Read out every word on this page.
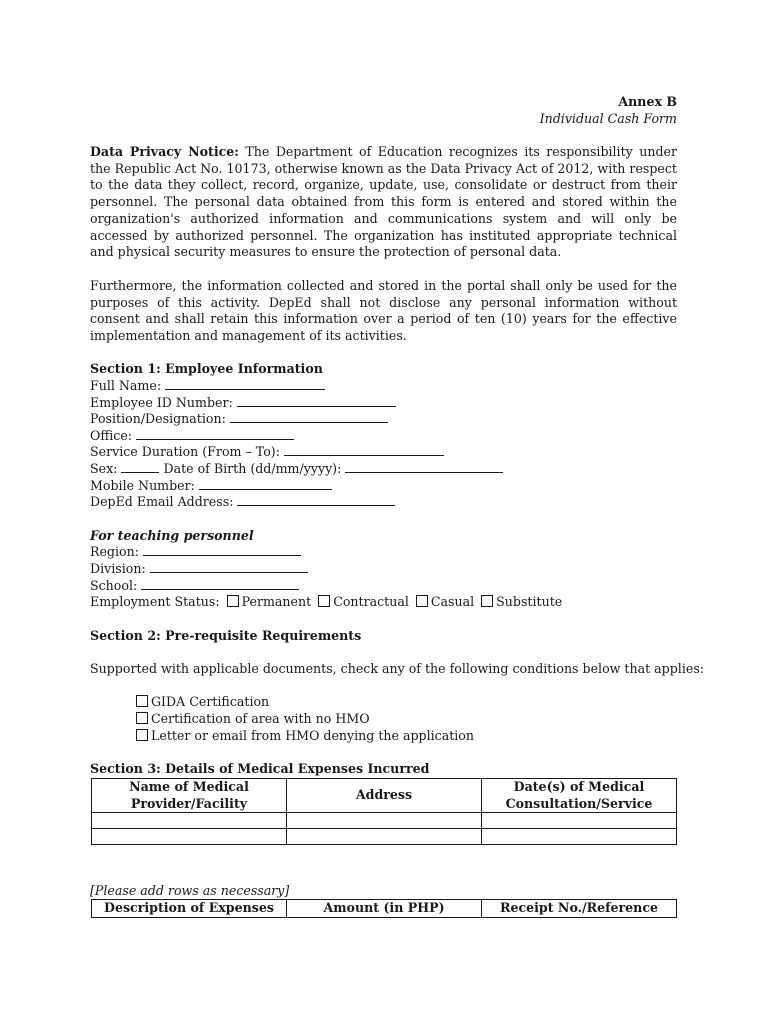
Annex B
Individual Cash Form
Data Privacy Notice: The Department of Education recognizes its responsibility under the Republic Act No. 10173, otherwise known as the Data Privacy Act of 2012, with respect to the data they collect, record, organize, update, use, consolidate or destruct from their personnel. The personal data obtained from this form is entered and stored within the organization's authorized information and communications system and will only be accessed by authorized personnel. The organization has instituted appropriate technical and physical security measures to ensure the protection of personal data.
Furthermore, the information collected and stored in the portal shall only be used for the purposes of this activity. DepEd shall not disclose any personal information without consent and shall retain this information over a period of ten (10) years for the effective implementation and management of its activities.
Section 1: Employee Information
Full Name:
Employee ID Number:
Position/Designation:
Office:
Service Duration (From – To):
Sex:	Date of Birth (dd/mm/yyyy):
Mobile Number:
DepEd Email Address:
For teaching personnel
Region:
Division:
School:
Employment Status: Permanent Contractual Casual Substitute
Section 2: Pre-requisite Requirements
Supported with applicable documents, check any of the following conditions below that applies:
GIDA Certification
Certification of area with no HMO
Letter or email from HMO denying the application
Section 3: Details of Medical Expenses Incurred
Name of Medical Provider/Facility	Address	Date(s) of Medical Consultation/Service

[Please add rows as necessary]
Description of Expenses	Amount (in PHP)	Receipt No./Reference
